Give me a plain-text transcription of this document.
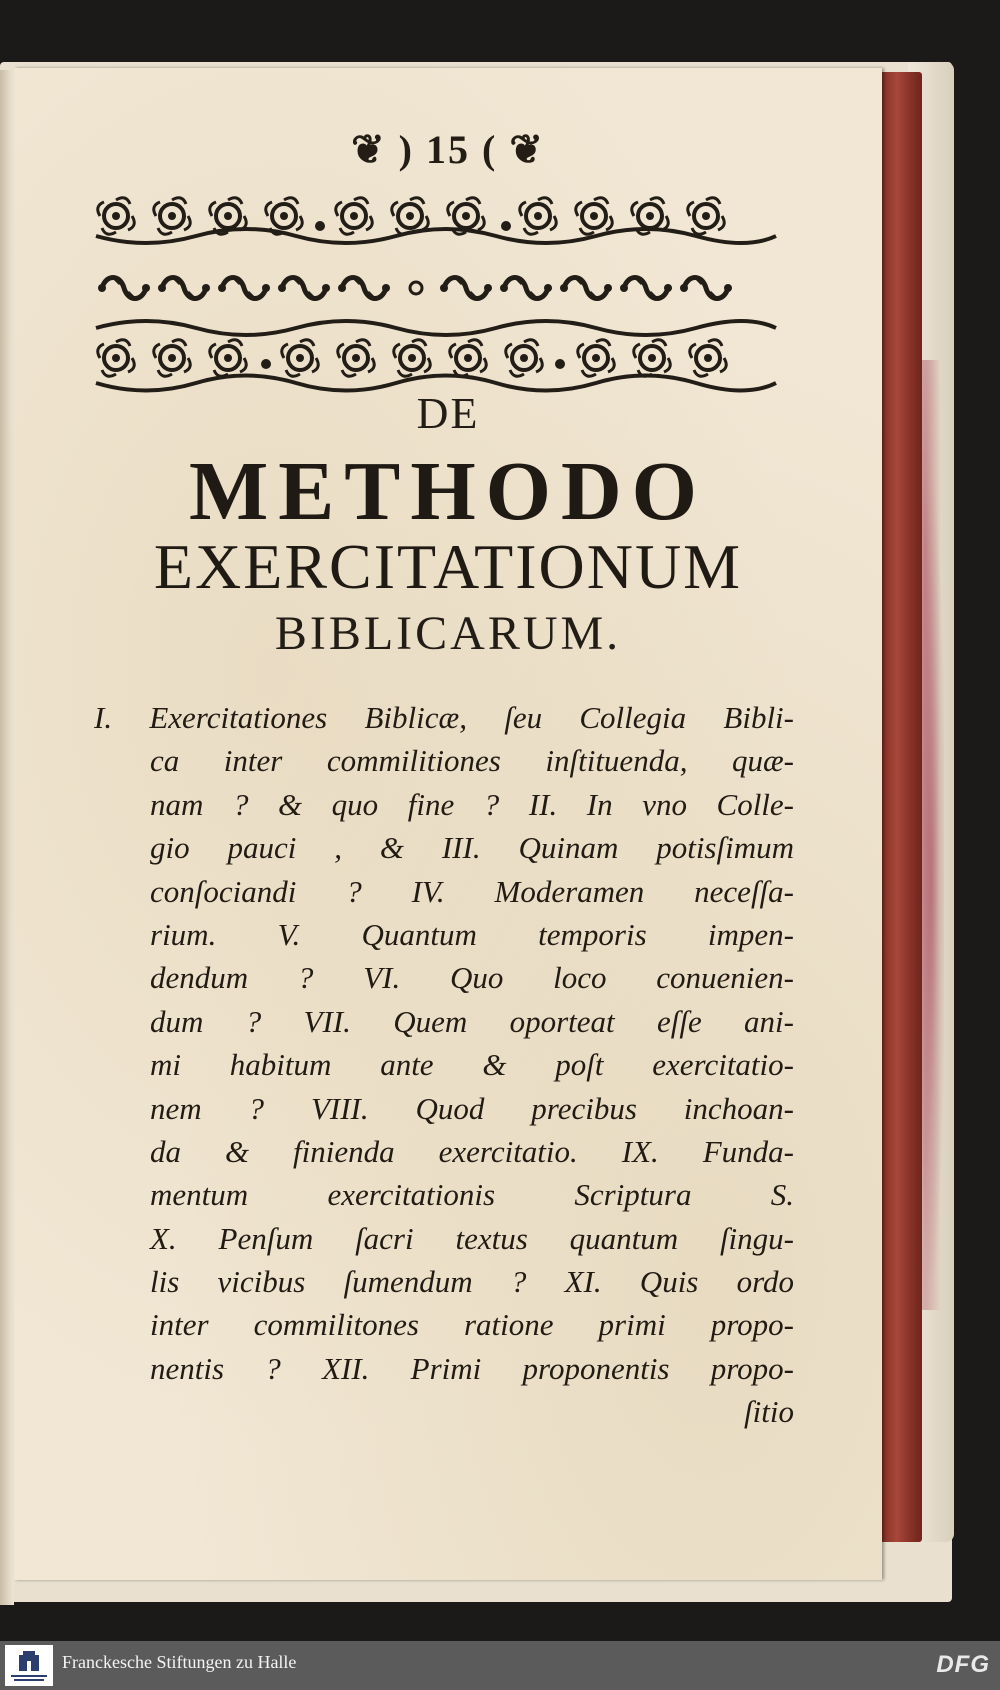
❦ ) 15 ( ❦
DE
METHODO
EXERCITATIONUM
BIBLICARUM.
I. Exercitationes Biblicæ, ſeu Collegia Bibli-
ca inter commilitiones inſtituenda, quæ-
nam ? & quo fine ? II. In vno Colle-
gio pauci , & III. Quinam potisſimum
conſociandi ? IV. Moderamen neceſſa-
rium. V. Quantum temporis impen-
dendum ? VI. Quo loco conuenien-
dum ? VII. Quem oporteat eſſe ani-
mi habitum ante & poſt exercitatio-
nem ? VIII. Quod precibus inchoan-
da & finienda exercitatio. IX. Funda-
mentum exercitationis Scriptura S.
X. Penſum ſacri textus quantum ſingu-
lis vicibus ſumendum ? XI. Quis ordo
inter commilitones ratione primi propo-
nentis ? XII. Primi proponentis propo-
ſitio
Franckesche Stiftungen zu Halle	DFG
